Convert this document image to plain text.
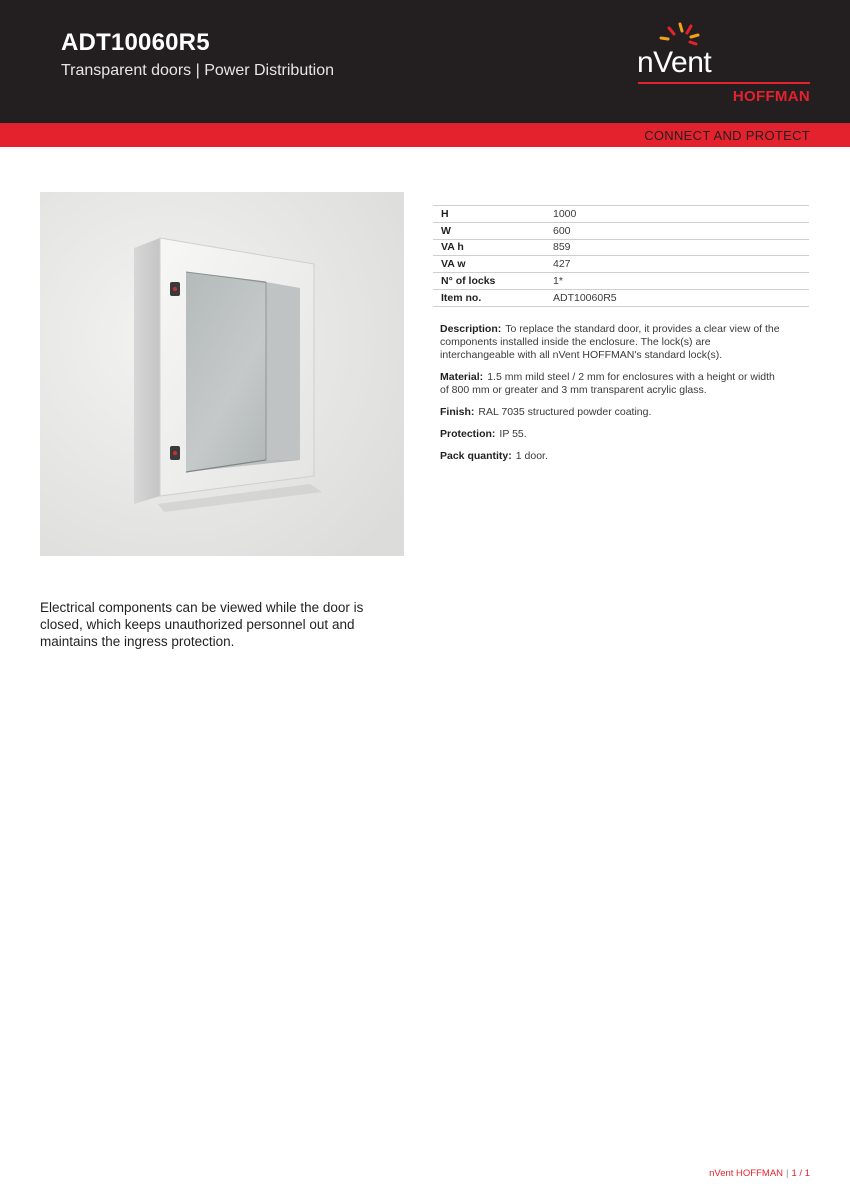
ADT10060R5
Transparent doors | Power Distribution	nVent
HOFFMAN
CONNECT AND PROTECT
H	1000
W	600
VA h	859
VA w	427
N° of locks	1*
Item no.	ADT10060R5
Description: To replace the standard door, it provides a clear view of the components installed inside the enclosure. The lock(s) are interchangeable with all nVent HOFFMAN's standard lock(s).
Material: 1.5 mm mild steel / 2 mm for enclosures with a height or width of 800 mm or greater and 3 mm transparent acrylic glass.
Finish: RAL 7035 structured powder coating.
Protection: IP 55.
Pack quantity: 1 door.
Electrical components can be viewed while the door is closed, which keeps unauthorized personnel out and maintains the ingress protection.
nVent HOFFMAN | 1 / 1
